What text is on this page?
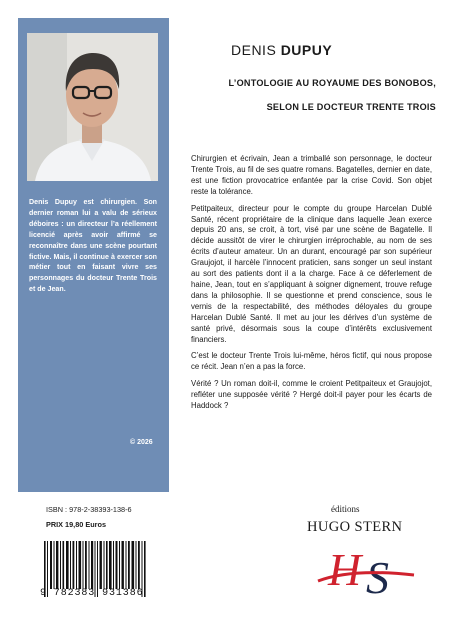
Denis Dupuy est chirurgien. Son dernier roman lui a valu de sérieux déboires : un directeur l’a réellement licencié après avoir affirmé se reconnaître dans une scène pourtant fictive. Mais, il continue à exercer son métier tout en faisant vivre ses personnages du docteur Trente Trois et de Jean.

© 2026
DENIS DUPUY
L’ONTOLOGIE AU ROYAUME DES BONOBOS,
SELON LE DOCTEUR TRENTE TROIS

Chirurgien et écrivain, Jean a trimballé son personnage, le docteur Trente Trois, au fil de ses quatre romans. Bagatelles, dernier en date, est une fiction provocatrice enfantée par la crise Covid. Son objet reste la tolérance.

Petitpaiteux, directeur pour le compte du groupe Harcelan Dublé Santé, récent propriétaire de la clinique dans laquelle Jean exerce depuis 20 ans, se croit, à tort, visé par une scène de Bagatelle. Il décide aussitôt de virer le chirurgien irréprochable, au nom de ses écrits d’auteur amateur. Un an durant, encouragé par son supérieur Graujojot, il harcèle l’innocent praticien, sans songer un seul instant au sort des patients dont il a la charge. Face à ce déferlement de haine, Jean, tout en s’appliquant à soigner dignement, trouve refuge dans la philosophie. Il se questionne et prend conscience, sous le vernis de la respectabilité, des méthodes déloyales du groupe Harcelan Dublé Santé. Il met au jour les dérives d’un système de santé privé, désormais sous la coupe d’intérêts exclusivement financiers.

C’est le docteur Trente Trois lui-même, héros fictif, qui nous propose ce récit. Jean n’en a pas la force.

Vérité ? Un roman doit-il, comme le croient Petitpaiteux et Graujojot, refléter une supposée vérité ? Hergé doit-il payer pour les écarts de Haddock ?

ISBN : 978-2-38393-138-6
PRIX 19,80 Euros
9 782383 931386
éditions
HUGO STERN
H S
